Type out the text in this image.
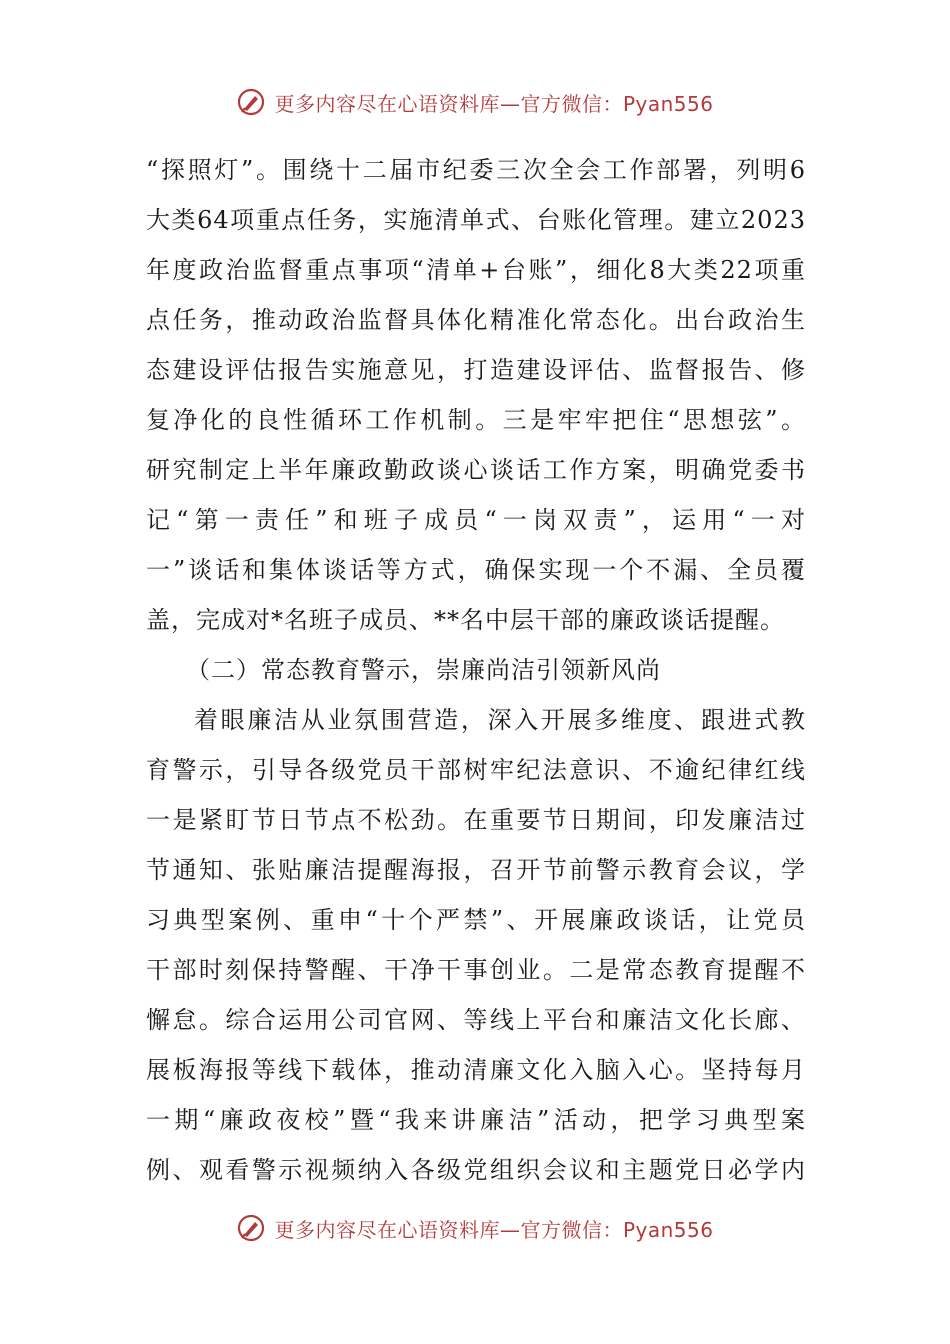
更多内容尽在心语资料库—官方微信：Pyan556
“探照灯”。围绕十二届市纪委三次全会工作部署，列明6
大类64项重点任务，实施清单式、台账化管理。建立2023
年度政治监督重点事项“清单+台账”，细化8大类22项重
点任务，推动政治监督具体化精准化常态化。出台政治生
态建设评估报告实施意见，打造建设评估、监督报告、修
复净化的良性循环工作机制。三是牢牢把住“思想弦”。
研究制定上半年廉政勤政谈心谈话工作方案，明确党委书
记“第一责任”和班子成员“一岗双责”，运用“一对
一”谈话和集体谈话等方式，确保实现一个不漏、全员覆
盖，完成对*名班子成员、**名中层干部的廉政谈话提醒。
（二）常态教育警示，崇廉尚洁引领新风尚
着眼廉洁从业氛围营造，深入开展多维度、跟进式教
育警示，引导各级党员干部树牢纪法意识、不逾纪律红线
一是紧盯节日节点不松劲。在重要节日期间，印发廉洁过
节通知、张贴廉洁提醒海报，召开节前警示教育会议，学
习典型案例、重申“十个严禁”、开展廉政谈话，让党员
干部时刻保持警醒、干净干事创业。二是常态教育提醒不
懈怠。综合运用公司官网、等线上平台和廉洁文化长廊、
展板海报等线下载体，推动清廉文化入脑入心。坚持每月
一期“廉政夜校”暨“我来讲廉洁”活动，把学习典型案
例、观看警示视频纳入各级党组织会议和主题党日必学内
更多内容尽在心语资料库—官方微信：Pyan556
